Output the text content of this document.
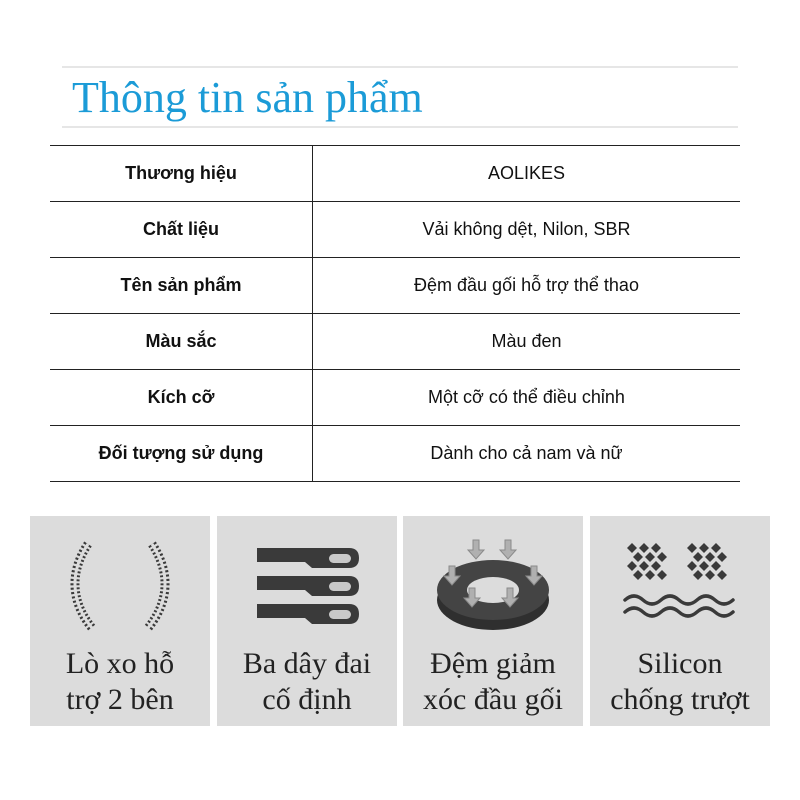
Thông tin sản phẩm
Thương hiệu	AOLIKES
Chất liệu	Vải không dệt, Nilon, SBR
Tên sản phẩm	Đệm đầu gối hỗ trợ thể thao
Màu sắc	Màu đen
Kích cỡ	Một cỡ có thể điều chỉnh
Đối tượng sử dụng	Dành cho cả nam và nữ
Lò xo hỗ
trợ 2 bên
Ba dây đai
cố định
Đệm giảm
xóc đầu gối
Silicon
chống trượt
